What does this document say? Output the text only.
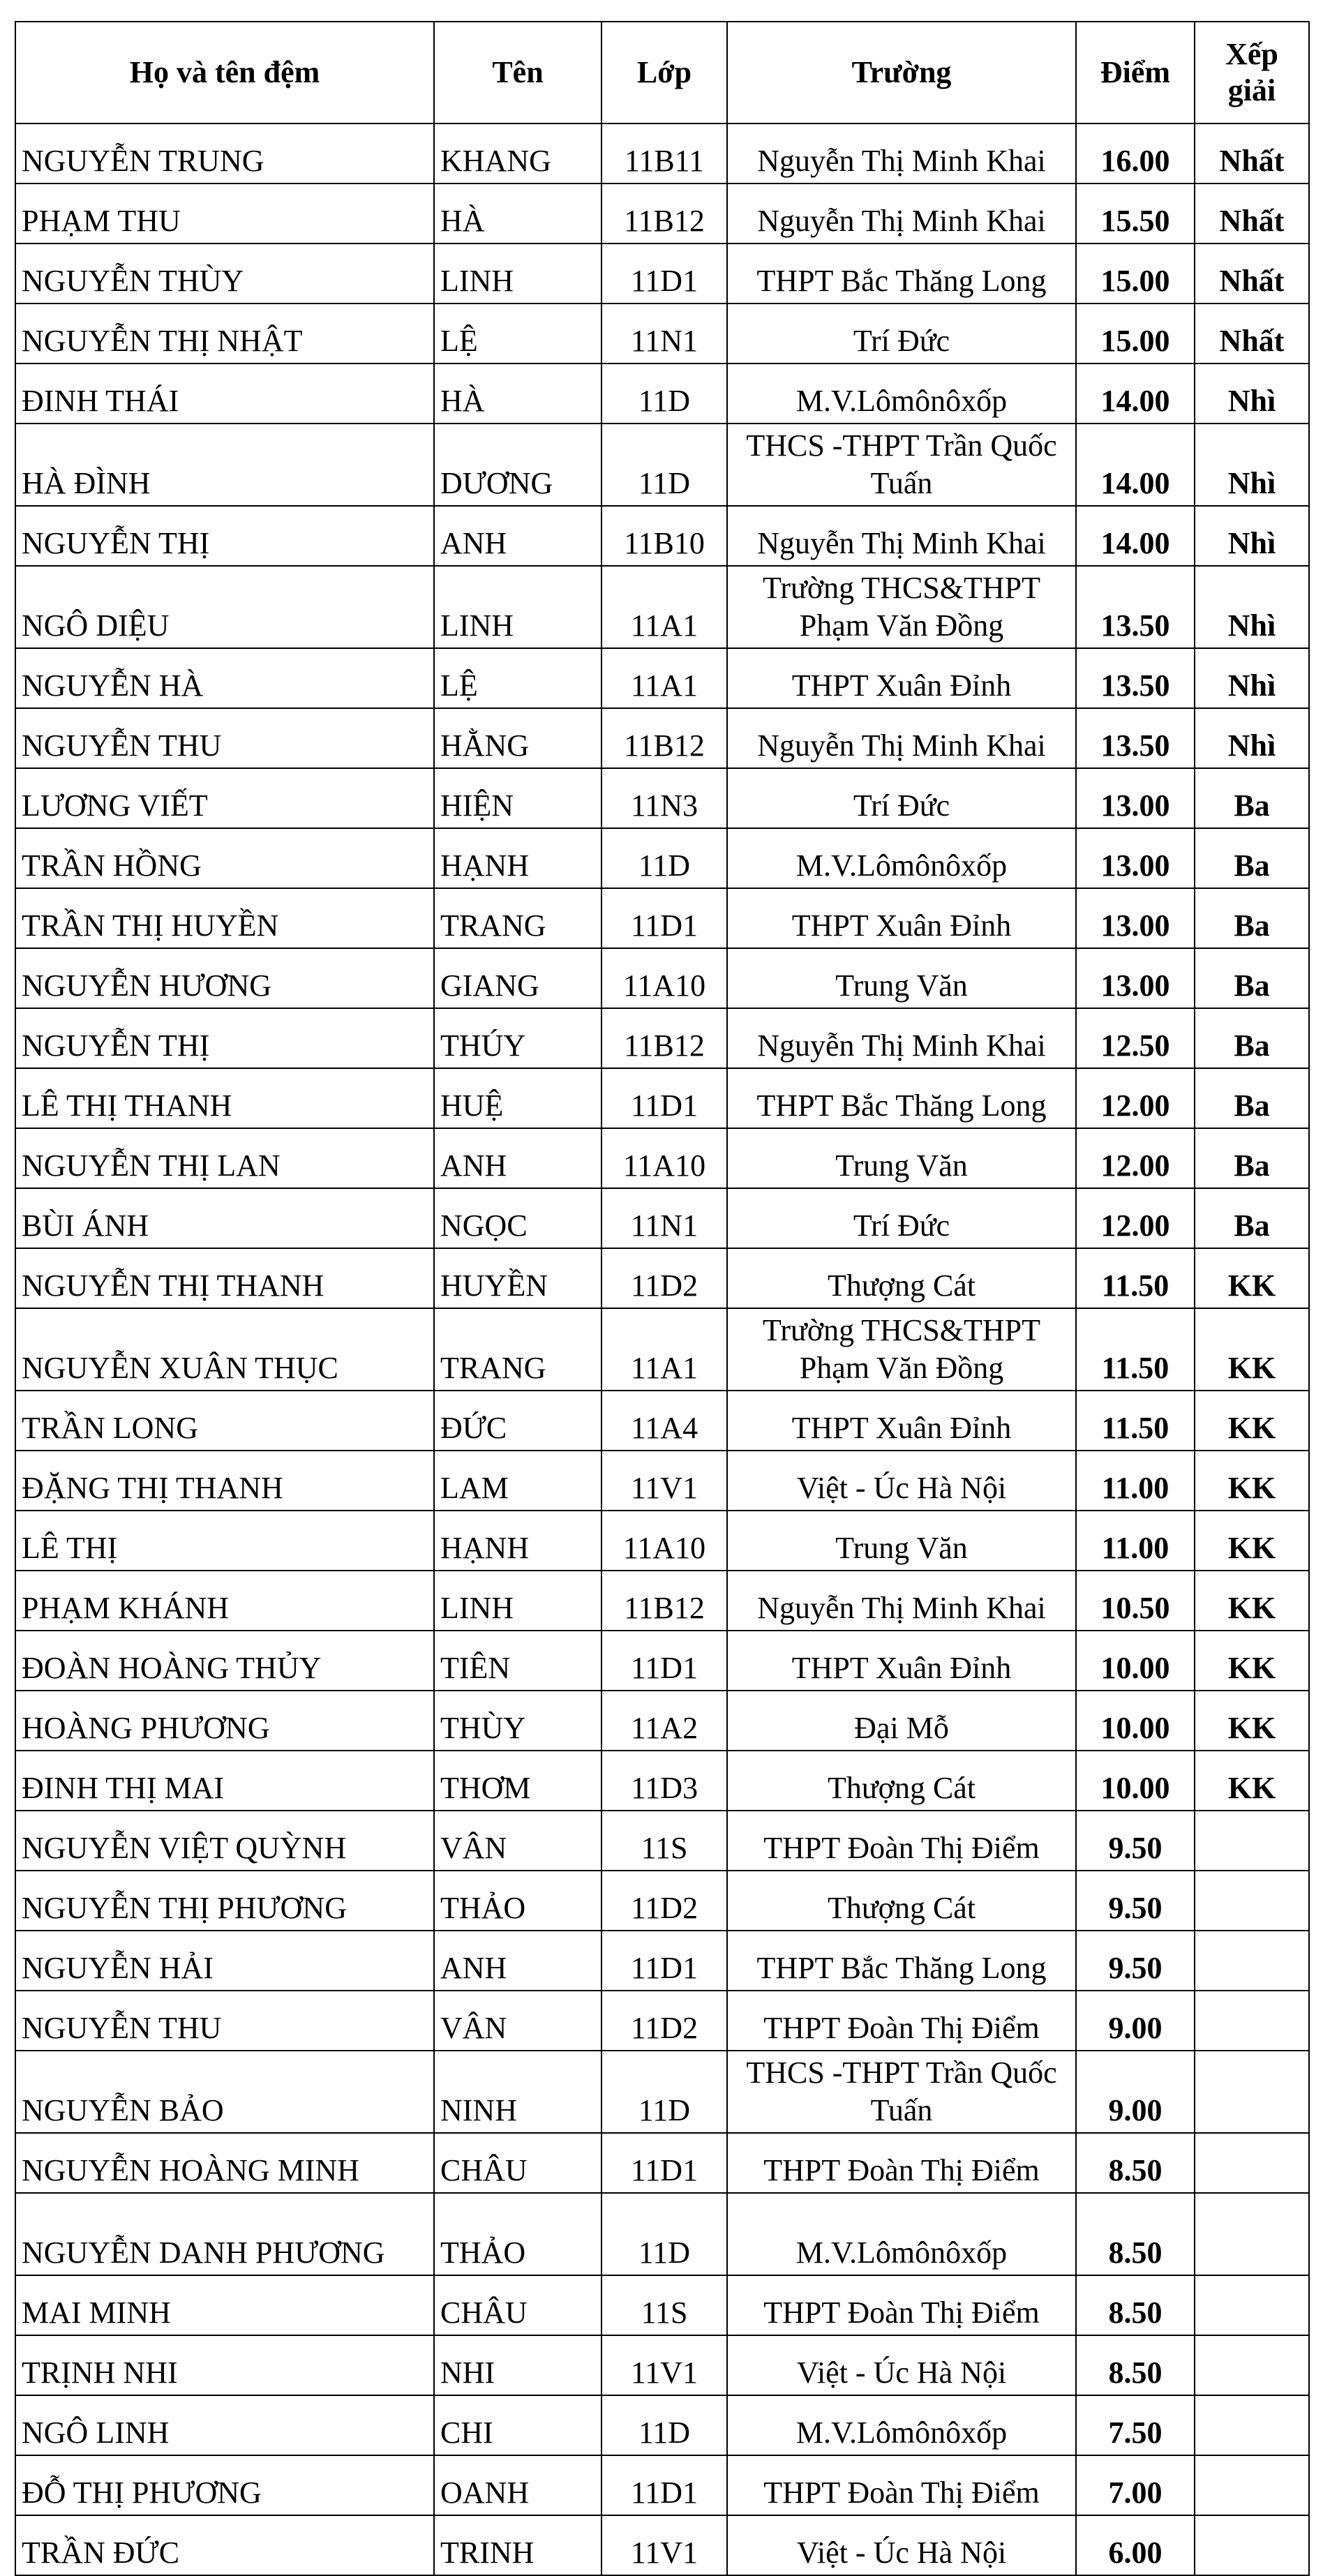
Họ và tên đệm	Tên	Lớp	Trường	Điểm	Xếp giải
NGUYỄN TRUNG	KHANG	11B11	Nguyễn Thị Minh Khai	16.00	Nhất
PHẠM THU	HÀ	11B12	Nguyễn Thị Minh Khai	15.50	Nhất
NGUYỄN THÙY	LINH	11D1	THPT Bắc Thăng Long	15.00	Nhất
NGUYỄN THỊ NHẬT	LỆ	11N1	Trí Đức	15.00	Nhất
ĐINH THÁI	HÀ	11D	M.V.Lômônôxốp	14.00	Nhì
HÀ ĐÌNH	DƯƠNG	11D	THCS -THPT Trần Quốc Tuấn	14.00	Nhì
NGUYỄN THỊ	ANH	11B10	Nguyễn Thị Minh Khai	14.00	Nhì
NGÔ DIỆU	LINH	11A1	Trường THCS&THPT Phạm Văn Đồng	13.50	Nhì
NGUYỄN HÀ	LỆ	11A1	THPT Xuân Đỉnh	13.50	Nhì
NGUYỄN THU	HẰNG	11B12	Nguyễn Thị Minh Khai	13.50	Nhì
LƯƠNG VIẾT	HIỆN	11N3	Trí Đức	13.00	Ba
TRẦN HỒNG	HẠNH	11D	M.V.Lômônôxốp	13.00	Ba
TRẦN THỊ HUYỀN	TRANG	11D1	THPT Xuân Đỉnh	13.00	Ba
NGUYỄN HƯƠNG	GIANG	11A10	Trung Văn	13.00	Ba
NGUYỄN THỊ	THÚY	11B12	Nguyễn Thị Minh Khai	12.50	Ba
LÊ THỊ THANH	HUỆ	11D1	THPT Bắc Thăng Long	12.00	Ba
NGUYỄN THỊ LAN	ANH	11A10	Trung Văn	12.00	Ba
BÙI ÁNH	NGỌC	11N1	Trí Đức	12.00	Ba
NGUYỄN THỊ THANH	HUYỀN	11D2	Thượng Cát	11.50	KK
NGUYỄN XUÂN THỤC	TRANG	11A1	Trường THCS&THPT Phạm Văn Đồng	11.50	KK
TRẦN LONG	ĐỨC	11A4	THPT Xuân Đỉnh	11.50	KK
ĐẶNG THỊ THANH	LAM	11V1	Việt - Úc Hà Nội	11.00	KK
LÊ THỊ	HẠNH	11A10	Trung Văn	11.00	KK
PHẠM KHÁNH	LINH	11B12	Nguyễn Thị Minh Khai	10.50	KK
ĐOÀN HOÀNG THỦY	TIÊN	11D1	THPT Xuân Đỉnh	10.00	KK
HOÀNG PHƯƠNG	THÙY	11A2	Đại Mỗ	10.00	KK
ĐINH THỊ MAI	THƠM	11D3	Thượng Cát	10.00	KK
NGUYỄN VIỆT QUỲNH	VÂN	11S	THPT Đoàn Thị Điểm	9.50	
NGUYỄN THỊ PHƯƠNG	THẢO	11D2	Thượng Cát	9.50	
NGUYỄN HẢI	ANH	11D1	THPT Bắc Thăng Long	9.50	
NGUYỄN THU	VÂN	11D2	THPT Đoàn Thị Điểm	9.00	
NGUYỄN BẢO	NINH	11D	THCS -THPT Trần Quốc Tuấn	9.00	
NGUYỄN HOÀNG MINH	CHÂU	11D1	THPT Đoàn Thị Điểm	8.50	
NGUYỄN DANH PHƯƠNG	THẢO	11D	M.V.Lômônôxốp	8.50	
MAI MINH	CHÂU	11S	THPT Đoàn Thị Điểm	8.50	
TRỊNH NHI	NHI	11V1	Việt - Úc Hà Nội	8.50	
NGÔ LINH	CHI	11D	M.V.Lômônôxốp	7.50	
ĐỖ THỊ PHƯƠNG	OANH	11D1	THPT Đoàn Thị Điểm	7.00	
TRẦN ĐỨC	TRINH	11V1	Việt - Úc Hà Nội	6.00	
